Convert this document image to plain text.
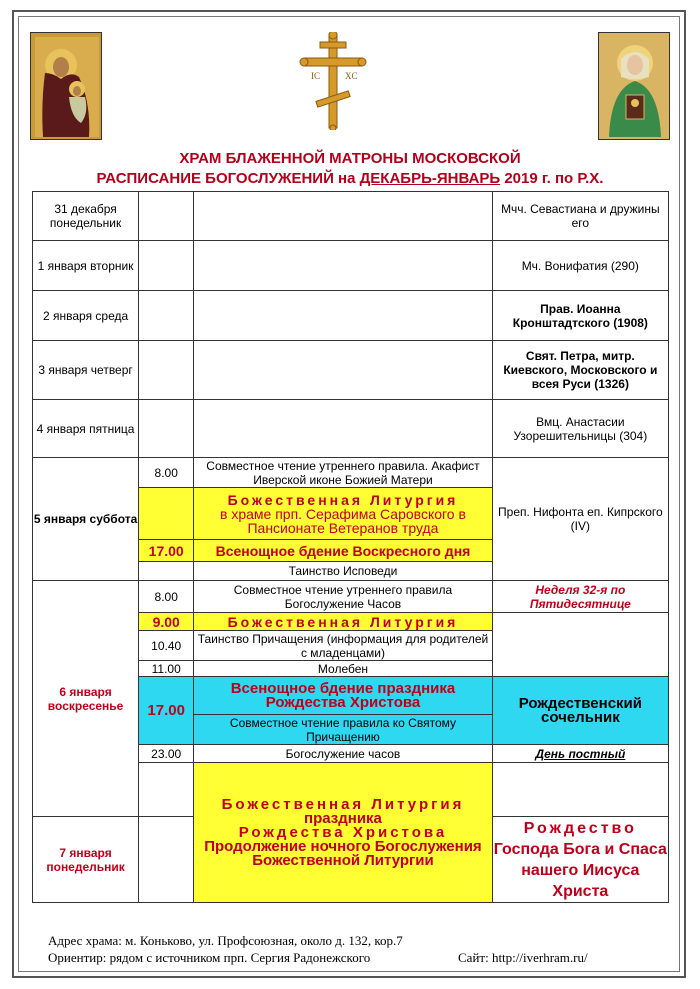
IC	XC
ХРАМ БЛАЖЕННОЙ МАТРОНЫ МОСКОВСКОЙ
РАСПИСАНИЕ БОГОСЛУЖЕНИЙ на ДЕКАБРЬ-ЯНВАРЬ 2019 г. по Р.Х.
31 декабря понедельник			Мчч. Севастиана и дружины его
1 января вторник			Мч. Вонифатия (290)
2 января среда			Прав. Иоанна Кронштадтского (1908)
3 января четверг			Свят. Петра, митр. Киевского, Московского и всея Руси (1326)
4 января пятница			Вмц. Анастасии Узорешительницы (304)
5 января суббота	8.00	Совместное чтение утреннего правила. Акафист Иверской иконе Божией Матери	Преп. Нифонта еп. Кипрского (IV)

		Божественная Литургия
в храме прп. Серафима Саровского в Пансионате Ветеранов труда	

	17.00	Всенощное бдение Воскресного дня	
		Таинство Исповеди	
6 января воскресенье	8.00	Совместное чтение утреннего правила Богослужение Часов	Неделя 32-я по Пятидесятнице
	9.00	Божественная Литургия	
	10.40	Таинство Причащения (информация для родителей с младенцами)	
	11.00	Молебен	
	17.00	Всенощное бдение праздника Рождества Христова	Рождественский сочельник
		Совместное чтение правила ко Святому Причащению	
	23.00	Богослужение часов	День постный

		Божественная Литургия
праздника
Рождества Христова
Продолжение ночного Богослужения Божественной Литургии	

7 января понедельник			Рождество
Господа Бога и Спаса нашего Иисуса Христа
Адрес храма: м. Коньково, ул. Профсоюзная, около д. 132, кор.7
Ориентир: рядом с источником прп. Сергия Радонежского	Сайт: http://iverhram.ru/
